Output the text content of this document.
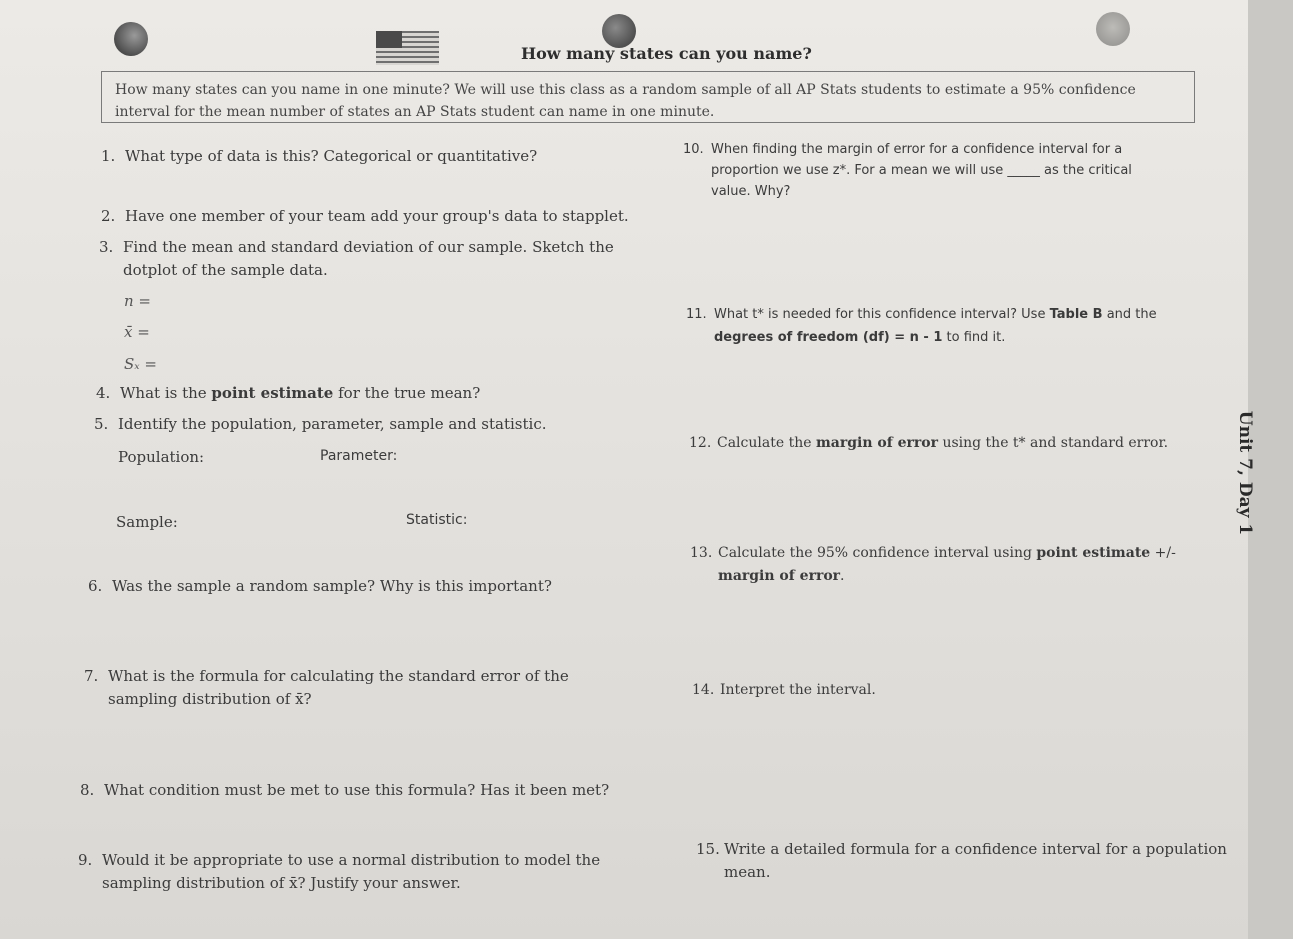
How many states can you name?
How many states can you name in one minute? We will use this class as a random sample of all AP Stats students to estimate a 95% confidence interval for the mean number of states an AP Stats student can name in one minute.
1. What type of data is this? Categorical or quantitative?
2. Have one member of your team add your group's data to stapplet.
3. Find the mean and standard deviation of our sample. Sketch the
dotplot of the sample data.
n =
x̄ =
Sₓ =
4. What is the point estimate for the true mean?
5. Identify the population, parameter, sample and statistic.
Population:	Parameter:
Sample:	Statistic:
6. Was the sample a random sample? Why is this important?
7. What is the formula for calculating the standard error of the
sampling distribution of x̄?
8. What condition must be met to use this formula? Has it been met?
9. Would it be appropriate to use a normal distribution to model the
sampling distribution of x̄? Justify your answer.
10. When finding the margin of error for a confidence interval for a
proportion we use z*. For a mean we will use _____ as the critical
value. Why?
11. What t* is needed for this confidence interval? Use Table B and the
degrees of freedom (df) = n - 1 to find it.
12. Calculate the margin of error using the t* and standard error.
13. Calculate the 95% confidence interval using point estimate +/-
margin of error.
14. Interpret the interval.
15. Write a detailed formula for a confidence interval for a population
mean.
Unit 7, Day 1
